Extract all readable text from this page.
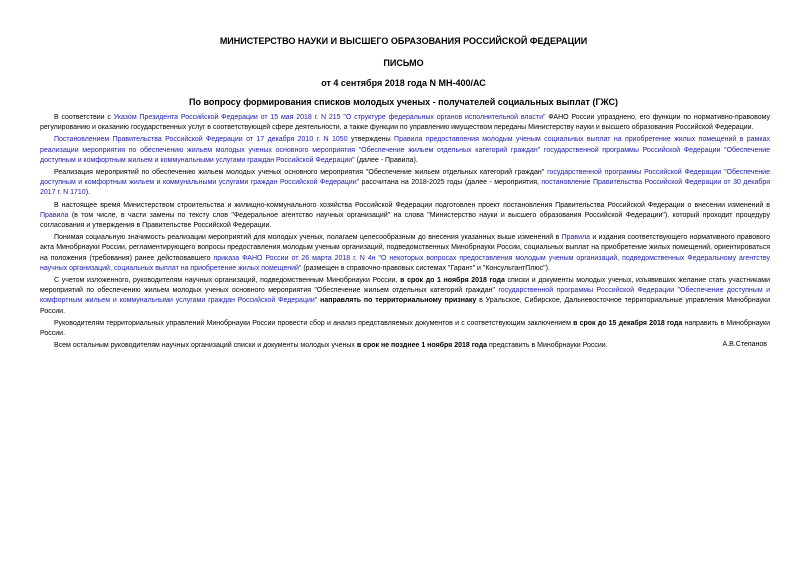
МИНИСТЕРСТВО НАУКИ И ВЫСШЕГО ОБРАЗОВАНИЯ РОССИЙСКОЙ ФЕДЕРАЦИИ
ПИСЬМО
от 4 сентября 2018 года N МН-400/АС
По вопросу формирования списков молодых ученых - получателей социальных выплат (ГЖС)

В соответствии с Указом Президента Российской Федерации от 15 мая 2018 г. N 215 "О структуре федеральных органов исполнительной власти" ФАНО России упразднено, его функции по нормативно-правовому регулированию и оказанию государственных услуг в соответствующей сфере деятельности, а также функции по управлению имуществом переданы Министерству науки и высшего образования Российской Федерации.

Постановлением Правительства Российской Федерации от 17 декабря 2010 г. N 1050 утверждены Правила предоставления молодым ученым социальных выплат на приобретение жилых помещений в рамках реализации мероприятия по обеспечению жильем молодых ученых основного мероприятия "Обеспечение жильем отдельных категорий граждан" государственной программы Российской Федерации "Обеспечение доступным и комфортным жильем и коммунальными услугами граждан Российской Федерации" (далее - Правила).

Реализация мероприятий по обеспечению жильем молодых ученых основного мероприятия "Обеспечение жильем отдельных категорий граждан" государственной программы Российской Федерации "Обеспечение доступным и комфортным жильем и коммунальными услугами граждан Российской Федерации" рассчитана на 2018-2025 годы (далее - мероприятия, постановление Правительства Российской Федерации от 30 декабря 2017 г. N 1710).

В настоящее время Министерством строительства и жилищно-коммунального хозяйства Российской Федерации подготовлен проект постановления Правительства Российской Федерации о внесении изменений в Правила (в том числе, в части замены по тексту слов "Федеральное агентство научных организаций" на слова "Министерство науки и высшего образования Российской Федерации"), который проходит процедуру согласования и утверждения в Правительстве Российской Федерации.

Понимая социальную значимость реализации мероприятий для молодых ученых, полагаем целесообразным до внесения указанных выше изменений в Правила и издания соответствующего нормативного правового акта Минобрнауки России, регламентирующего вопросы предоставления молодым ученым организаций, подведомственных Минобрнауки России, социальных выплат на приобретение жилых помещений, ориентироваться на положения (требования) ранее действовавшего приказа ФАНО России от 26 марта 2018 г. N 4н "О некоторых вопросах предоставления молодым ученым организаций, подведомственных Федеральному агентству научных организаций, социальных выплат на приобретение жилых помещений" (размещен в справочно-правовых системах "Гарант" и "КонсультантПлюс").

С учетом изложенного, руководителям научных организаций, подведомственным Минобрнауки России, в срок до 1 ноября 2018 года списки и документы молодых ученых, изъявивших желание стать участниками мероприятий по обеспечению жильем молодых ученых основного мероприятия "Обеспечение жильем отдельных категорий граждан" государственной программы Российской Федерации "Обеспечение доступным и комфортным жильем и коммунальными услугами граждан Российской Федерации" направлять по территориальному признаку в Уральское, Сибирское, Дальневосточное территориальные управления Минобрнауки России.

Руководителям территориальных управлений Минобрнауки России провести сбор и анализ представляемых документов и с соответствующим заключением в срок до 15 декабря 2018 года направить в Минобрнауки России.

Всем остальным руководителям научных организаций списки и документы молодых ученых в срок не позднее 1 ноября 2018 года представить в Минобрнауки России.	А.В.Степанов
